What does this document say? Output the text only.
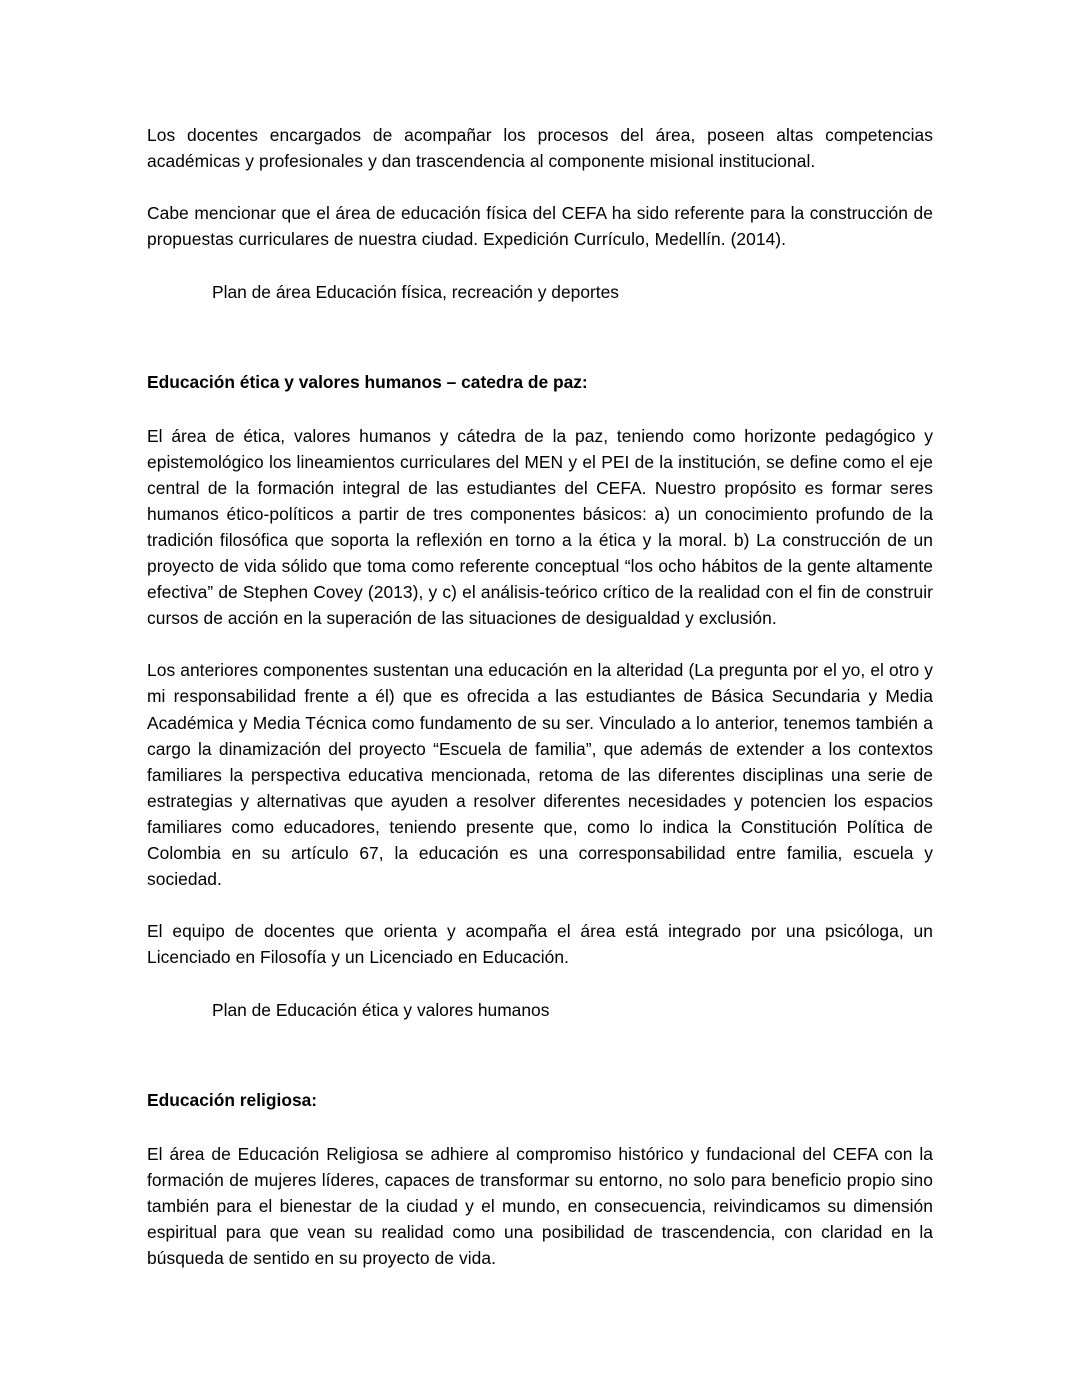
Los docentes encargados de acompañar los procesos del área, poseen altas competencias académicas y profesionales y dan trascendencia al componente misional institucional.

Cabe mencionar que el área de educación física del CEFA ha sido referente para la construcción de propuestas curriculares de nuestra ciudad. Expedición Currículo, Medellín. (2014).

Plan de área Educación física, recreación y deportes

Educación ética y valores humanos – catedra de paz:

El área de ética, valores humanos y cátedra de la paz, teniendo como horizonte pedagógico y epistemológico los lineamientos curriculares del MEN y el PEI de la institución, se define como el eje central de la formación integral de las estudiantes del CEFA. Nuestro propósito es formar seres humanos ético-políticos a partir de tres componentes básicos: a) un conocimiento profundo de la tradición filosófica que soporta la reflexión en torno a la ética y la moral. b) La construcción de un proyecto de vida sólido que toma como referente conceptual “los ocho hábitos de la gente altamente efectiva” de Stephen Covey (2013), y c) el análisis-teórico crítico de la realidad con el fin de construir cursos de acción en la superación de las situaciones de desigualdad y exclusión.

Los anteriores componentes sustentan una educación en la alteridad (La pregunta por el yo, el otro y mi responsabilidad frente a él) que es ofrecida a las estudiantes de Básica Secundaria y Media Académica y Media Técnica como fundamento de su ser. Vinculado a lo anterior, tenemos también a cargo la dinamización del proyecto “Escuela de familia”, que además de extender a los contextos familiares la perspectiva educativa mencionada, retoma de las diferentes disciplinas una serie de estrategias y alternativas que ayuden a resolver diferentes necesidades y potencien los espacios familiares como educadores, teniendo presente que, como lo indica la Constitución Política de Colombia en su artículo 67, la educación es una corresponsabilidad entre familia, escuela y sociedad.

El equipo de docentes que orienta y acompaña el área está integrado por una psicóloga, un Licenciado en Filosofía y un Licenciado en Educación.

Plan de Educación ética y valores humanos

Educación religiosa:

El área de Educación Religiosa se adhiere al compromiso histórico y fundacional del CEFA con la formación de mujeres líderes, capaces de transformar su entorno, no solo para beneficio propio sino también para el bienestar de la ciudad y el mundo, en consecuencia, reivindicamos su dimensión espiritual para que vean su realidad como una posibilidad de trascendencia, con claridad en la búsqueda de sentido en su proyecto de vida.
